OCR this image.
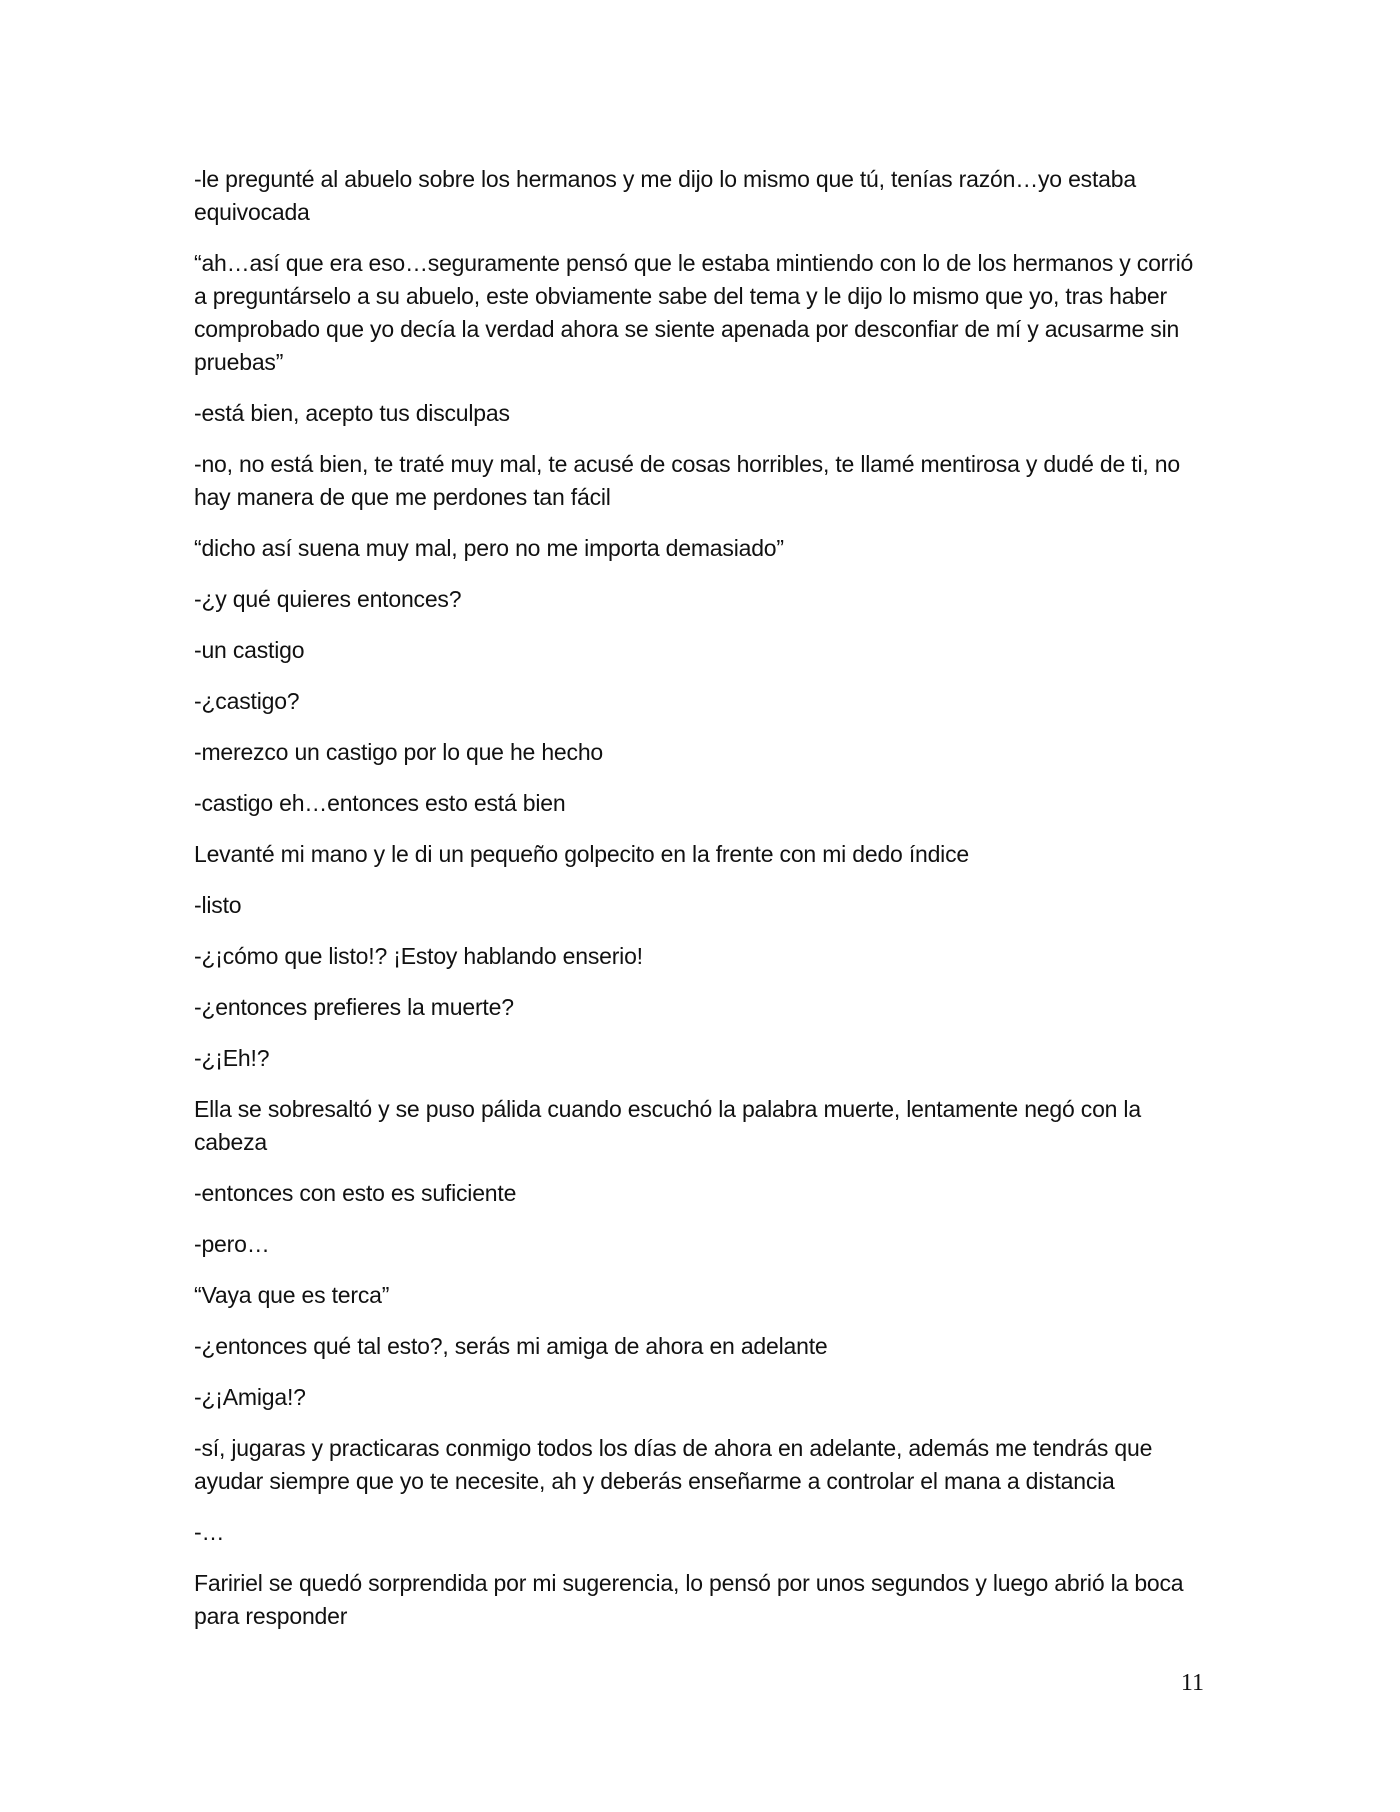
-le pregunté al abuelo sobre los hermanos y me dijo lo mismo que tú, tenías razón…yo estaba equivocada

“ah…así que era eso…seguramente pensó que le estaba mintiendo con lo de los hermanos y corrió a preguntárselo a su abuelo, este obviamente sabe del tema y le dijo lo mismo que yo, tras haber comprobado que yo decía la verdad ahora se siente apenada por desconfiar de mí y acusarme sin pruebas”

-está bien, acepto tus disculpas

-no, no está bien, te traté muy mal, te acusé de cosas horribles, te llamé mentirosa y dudé de ti, no hay manera de que me perdones tan fácil

“dicho así suena muy mal, pero no me importa demasiado”

-¿y qué quieres entonces?

-un castigo

-¿castigo?

-merezco un castigo por lo que he hecho

-castigo eh…entonces esto está bien

Levanté mi mano y le di un pequeño golpecito en la frente con mi dedo índice

-listo

-¿¡cómo que listo!? ¡Estoy hablando enserio!

-¿entonces prefieres la muerte?

-¿¡Eh!?

Ella se sobresaltó y se puso pálida cuando escuchó la palabra muerte, lentamente negó con la cabeza

-entonces con esto es suficiente

-pero…

“Vaya que es terca”

-¿entonces qué tal esto?, serás mi amiga de ahora en adelante

-¿¡Amiga!?

-sí, jugaras y practicaras conmigo todos los días de ahora en adelante, además me tendrás que ayudar siempre que yo te necesite, ah y deberás enseñarme a controlar el mana a distancia

-…

Faririel se quedó sorprendida por mi sugerencia, lo pensó por unos segundos y luego abrió la boca para responder

11
